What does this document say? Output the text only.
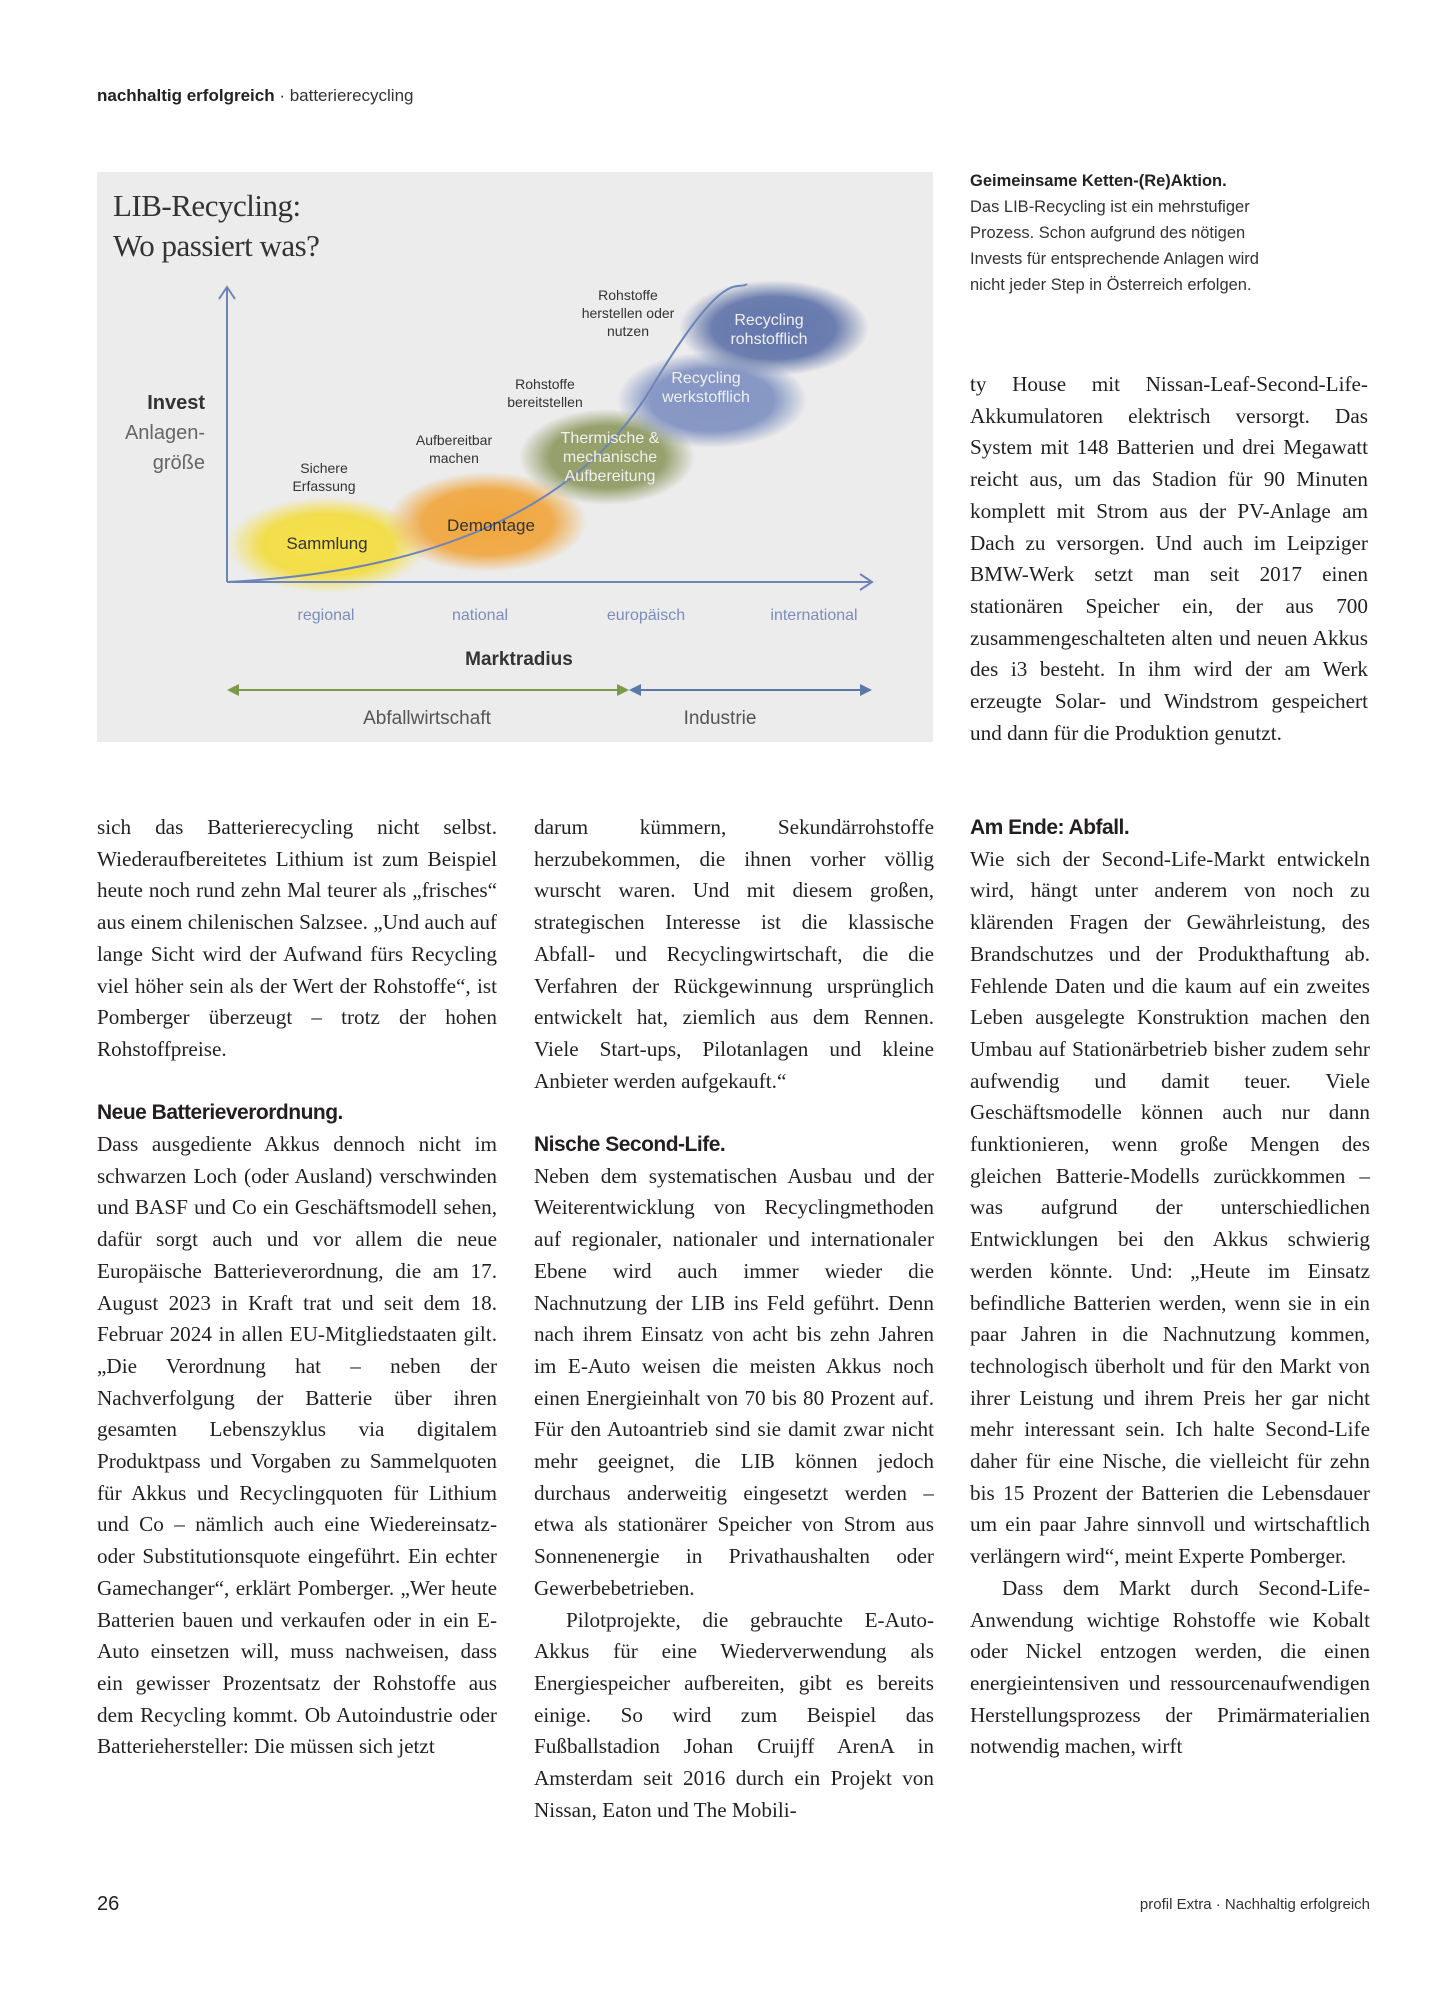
nachhaltig erfolgreich · batterierecycling
LIB-Recycling:
Wo passiert was?
Invest
Anlagen-
größe	Sichere
Erfassung
Aufbereitbar
machen
Rohstoffe
bereitstellen
Rohstoffe
herstellen oder
nutzen
Sammlung
Demontage
Thermische &
mechanische
Aufbereitung
Recycling
werkstofflich
Recycling
rohstofflich
regional	national	europäisch	international
Marktradius
Abfallwirtschaft	Industrie
Geimeinsame Ketten-(Re)Aktion.
Das LIB-Recycling ist ein mehrstufiger
Prozess. Schon aufgrund des nötigen
Invests für entsprechende Anlagen wird
nicht jeder Step in Österreich erfolgen.

ty House mit Nissan-Leaf-Second-Life-Akkumulatoren elektrisch versorgt. Das System mit 148 Batterien und drei Megawatt reicht aus, um das Stadion für 90 Minuten komplett mit Strom aus der PV-Anlage am Dach zu versorgen. Und auch im Leipziger BMW-Werk setzt man seit 2017 einen stationären Speicher ein, der aus 700 zusammengeschalteten alten und neuen Akkus des i3 besteht. In ihm wird der am Werk erzeugte Solar- und Windstrom gespeichert und dann für die Produktion genutzt.

sich das Batterierecycling nicht selbst. Wiederaufbereitetes Lithium ist zum Beispiel heute noch rund zehn Mal teurer als „frisches“ aus einem chilenischen Salzsee. „Und auch auf lange Sicht wird der Aufwand fürs Recycling viel höher sein als der Wert der Rohstoffe“, ist Pomberger überzeugt – trotz der hohen Rohstoffpreise.

Neue Batterieverordnung.

Dass ausgediente Akkus dennoch nicht im schwarzen Loch (oder Ausland) verschwinden und BASF und Co ein Geschäftsmodell sehen, dafür sorgt auch und vor allem die neue Europäische Batterieverordnung, die am 17. August 2023 in Kraft trat und seit dem 18. Februar 2024 in allen EU-Mitgliedstaaten gilt. „Die Verordnung hat – neben der Nachverfolgung der Batterie über ihren gesamten Lebenszyklus via digitalem Produktpass und Vorgaben zu Sammelquoten für Akkus und Recyclingquoten für Lithium und Co – nämlich auch eine Wiedereinsatz- oder Substitutionsquote eingeführt. Ein echter Gamechanger“, erklärt Pomberger. „Wer heute Batterien bauen und verkaufen oder in ein E-Auto einsetzen will, muss nachweisen, dass ein gewisser Prozentsatz der Rohstoffe aus dem Recycling kommt. Ob Autoindustrie oder Batteriehersteller: Die müssen sich jetzt

darum kümmern, Sekundärrohstoffe herzubekommen, die ihnen vorher völlig wurscht waren. Und mit diesem großen, strategischen Interesse ist die klassische Abfall- und Recyclingwirtschaft, die die Verfahren der Rückgewinnung ursprünglich entwickelt hat, ziemlich aus dem Rennen. Viele Start-ups, Pilotanlagen und kleine Anbieter werden aufgekauft.“

Nische Second-Life.

Neben dem systematischen Ausbau und der Weiterentwicklung von Recyclingmethoden auf regionaler, nationaler und internationaler Ebene wird auch immer wieder die Nachnutzung der LIB ins Feld geführt. Denn nach ihrem Einsatz von acht bis zehn Jahren im E-Auto weisen die meisten Akkus noch einen Energieinhalt von 70 bis 80 Prozent auf. Für den Autoantrieb sind sie damit zwar nicht mehr geeignet, die LIB können jedoch durchaus anderweitig eingesetzt werden – etwa als stationärer Speicher von Strom aus Sonnenenergie in Privathaushalten oder Gewerbebetrieben.

Pilotprojekte, die gebrauchte E-Auto-Akkus für eine Wiederverwendung als Energiespeicher aufbereiten, gibt es bereits einige. So wird zum Beispiel das Fußballstadion Johan Cruijff ArenA in Amsterdam seit 2016 durch ein Projekt von Nissan, Eaton und The Mobili-

Am Ende: Abfall.

Wie sich der Second-Life-Markt entwickeln wird, hängt unter anderem von noch zu klärenden Fragen der Gewährleistung, des Brandschutzes und der Produkthaftung ab. Fehlende Daten und die kaum auf ein zweites Leben ausgelegte Konstruktion machen den Umbau auf Stationärbetrieb bisher zudem sehr aufwendig und damit teuer. Viele Geschäftsmodelle können auch nur dann funktionieren, wenn große Mengen des gleichen Batterie-Modells zurückkommen – was aufgrund der unterschiedlichen Entwicklungen bei den Akkus schwierig werden könnte. Und: „Heute im Einsatz befindliche Batterien werden, wenn sie in ein paar Jahren in die Nachnutzung kommen, technologisch überholt und für den Markt von ihrer Leistung und ihrem Preis her gar nicht mehr interessant sein. Ich halte Second-Life daher für eine Nische, die vielleicht für zehn bis 15 Prozent der Batterien die Lebensdauer um ein paar Jahre sinnvoll und wirtschaftlich verlängern wird“, meint Experte Pomberger.

Dass dem Markt durch Second-Life-Anwendung wichtige Rohstoffe wie Kobalt oder Nickel entzogen werden, die einen energieintensiven und ressourcenaufwendigen Herstellungsprozess der Primärmaterialien notwendig machen, wirft

26	profil Extra · Nachhaltig erfolgreich
